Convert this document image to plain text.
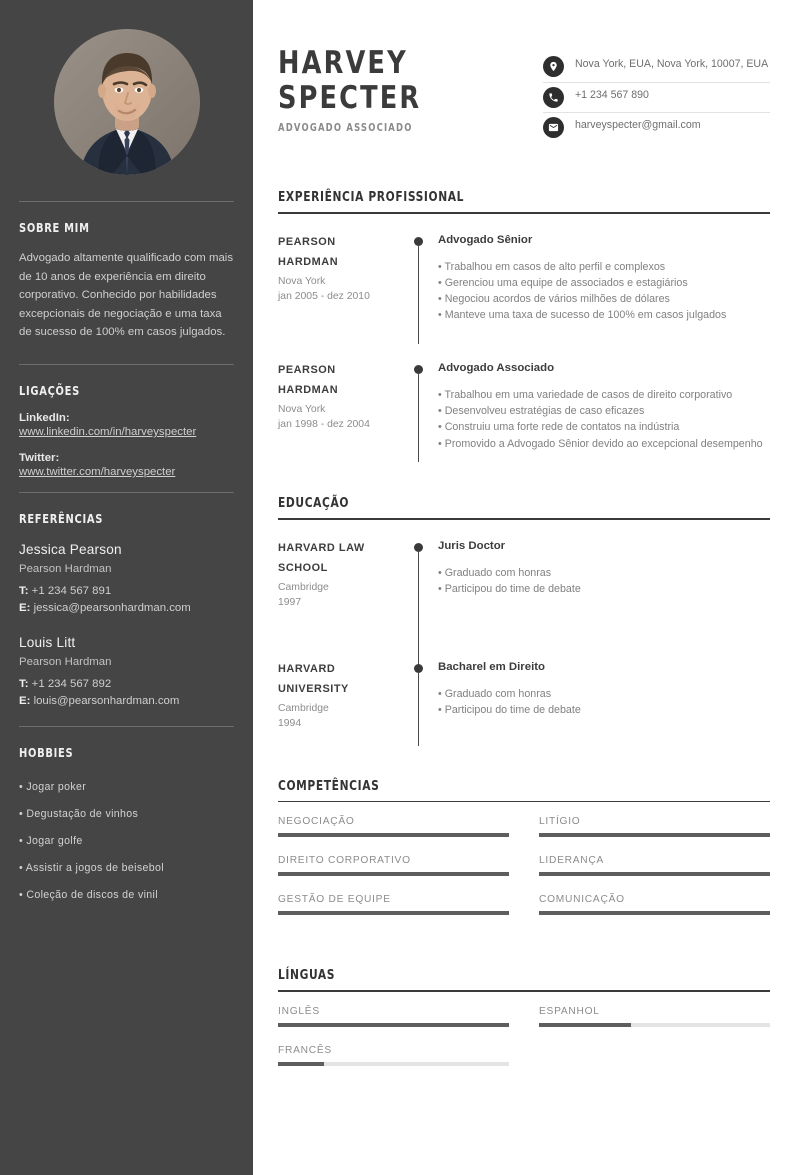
SOBRE MIM

Advogado altamente qualificado com mais de 10 anos de experiência em direito corporativo. Conhecido por habilidades excepcionais de negociação e uma taxa de sucesso de 100% em casos julgados.

LIGAÇÕES
LinkedIn:
www.linkedin.com/in/harveyspecter
Twitter:
www.twitter.com/harveyspecter
REFERÊNCIAS
Jessica Pearson
Pearson Hardman
T: +1 234 567 891
E: jessica@pearsonhardman.com
Louis Litt
Pearson Hardman
T: +1 234 567 892
E: louis@pearsonhardman.com
HOBBIES
• Jogar poker
• Degustação de vinhos
• Jogar golfe
• Assistir a jogos de beisebol
• Coleção de discos de vinil
HARVEY
SPECTER
ADVOGADO ASSOCIADO
Nova York, EUA, Nova York, 10007, EUA
+1 234 567 890
harveyspecter@gmail.com
EXPERIÊNCIA PROFISSIONAL
PEARSON HARDMAN
Nova York
jan 2005 - dez 2010
Advogado Sênior
• Trabalhou em casos de alto perfil e complexos
• Gerenciou uma equipe de associados e estagiários
• Negociou acordos de vários milhões de dólares
• Manteve uma taxa de sucesso de 100% em casos julgados
PEARSON HARDMAN
Nova York
jan 1998 - dez 2004
Advogado Associado
• Trabalhou em uma variedade de casos de direito corporativo
• Desenvolveu estratégias de caso eficazes
• Construiu uma forte rede de contatos na indústria
• Promovido a Advogado Sênior devido ao excepcional desempenho
EDUCAÇÃO
HARVARD LAW SCHOOL
Cambridge
1997
Juris Doctor
• Graduado com honras
• Participou do time de debate
HARVARD UNIVERSITY
Cambridge
1994
Bacharel em Direito
• Graduado com honras
• Participou do time de debate
COMPETÊNCIAS
NEGOCIAÇÃO
DIREITO CORPORATIVO
GESTÃO DE EQUIPE
LITÍGIO
LIDERANÇA
COMUNICAÇÃO
LÍNGUAS
INGLÊS
FRANCÊS
ESPANHOL
